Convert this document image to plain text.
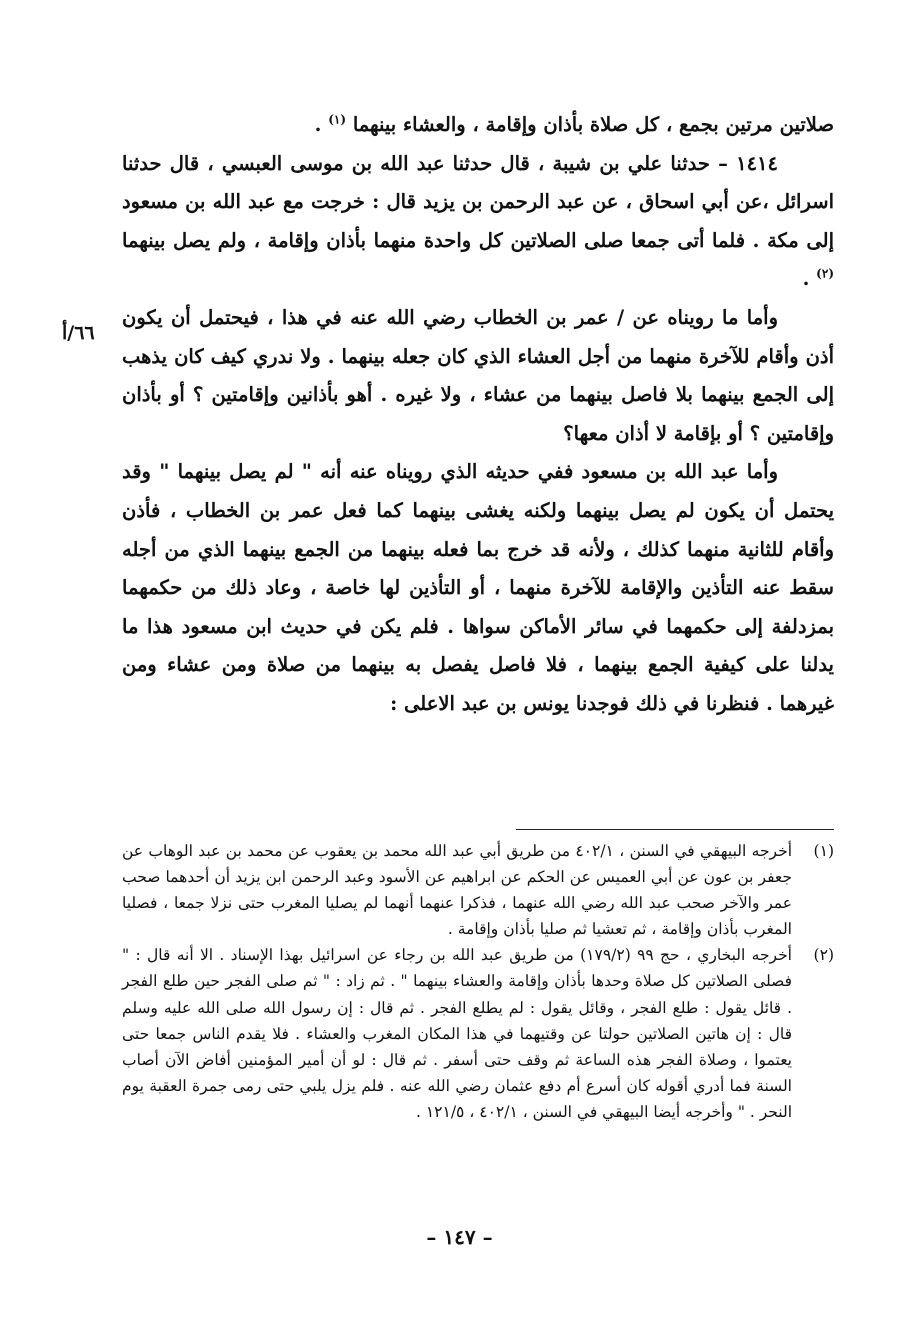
٦٦/أ

صلاتين مرتين بجمع ، كل صلاة بأذان وإقامة ، والعشاء بينهما $^{(١)}$ .

١٤١٤ – حدثنا علي بن شيبة ، قال حدثنا عبد الله بن موسى العبسي ، قال حدثنا اسرائل ،عن أبي اسحاق ، عن عبد الرحمن بن يزيد قال : خرجت مع عبد الله بن مسعود إلى مكة . فلما أتى جمعا صلى الصلاتين كل واحدة منهما بأذان وإقامة ، ولم يصل بينهما $^{(٢)}$ .

وأما ما رويناه عن / عمر بن الخطاب رضي الله عنه في هذا ، فيحتمل أن يكون أذن وأقام للآخرة منهما من أجل العشاء الذي كان جعله بينهما . ولا ندري كيف كان يذهب إلى الجمع بينهما بلا فاصل بينهما من عشاء ، ولا غيره . أهو بأذانين وإقامتين ؟ أو بأذان وإقامتين ؟ أو بإقامة لا أذان معها؟

وأما عبد الله بن مسعود ففي حديثه الذي رويناه عنه أنه " لم يصل بينهما " وقد يحتمل أن يكون لم يصل بينهما ولكنه يغشى بينهما كما فعل عمر بن الخطاب ، فأذن وأقام للثانية منهما كذلك ، ولأنه قد خرج بما فعله بينهما من الجمع بينهما الذي من أجله سقط عنه التأذين والإقامة للآخرة منهما ، أو التأذين لها خاصة ، وعاد ذلك من حكمهما بمزدلفة إلى حكمهما في سائر الأماكن سواها . فلم يكن في حديث ابن مسعود هذا ما يدلنا على كيفية الجمع بينهما ، فلا فاصل يفصل به بينهما من صلاة ومن عشاء ومن غيرهما . فنظرنا في ذلك فوجدنا يونس بن عبد الاعلى :

(١)
أخرجه البيهقي في السنن ، ٤٠٢/١ من طريق أبي عبد الله محمد بن يعقوب عن محمد بن عبد الوهاب عن جعفر بن عون عن أبي العميس عن الحكم عن ابراهيم عن الأسود وعبد الرحمن ابن يزيد أن أحدهما صحب عمر والآخر صحب عبد الله رضي الله عنهما ، فذكرا عنهما أنهما لم يصليا المغرب حتى نزلا جمعا ، فصليا المغرب بأذان وإقامة ، ثم تعشيا ثم صليا بأذان وإقامة .

(٢)
أخرجه البخاري ، حج ٩٩ (١٧٩/٢) من طريق عبد الله بن رجاء عن اسرائيل بهذا الإسناد . الا أنه قال : " فصلى الصلاتين كل صلاة وحدها بأذان وإقامة والعشاء بينهما " . ثم زاد : " ثم صلى الفجر حين طلع الفجر . قائل يقول : طلع الفجر ، وقائل يقول : لم يطلع الفجر . ثم قال : إن رسول الله صلى الله عليه وسلم قال : إن هاتين الصلاتين حولتا عن وقتيهما في هذا المكان المغرب والعشاء . فلا يقدم الناس جمعا حتى يعتموا ، وصلاة الفجر هذه الساعة ثم وقف حتى أسفر . ثم قال : لو أن أمير المؤمنين أفاض الآن أصاب السنة فما أدري أقوله كان أسرع أم دفع عثمان رضي الله عنه . فلم يزل يلبي حتى رمى جمرة العقبة يوم النحر . " وأخرجه أيضا البيهقي في السنن ، ٤٠٢/١ ، ١٢١/٥ .

– ١٤٧ –
